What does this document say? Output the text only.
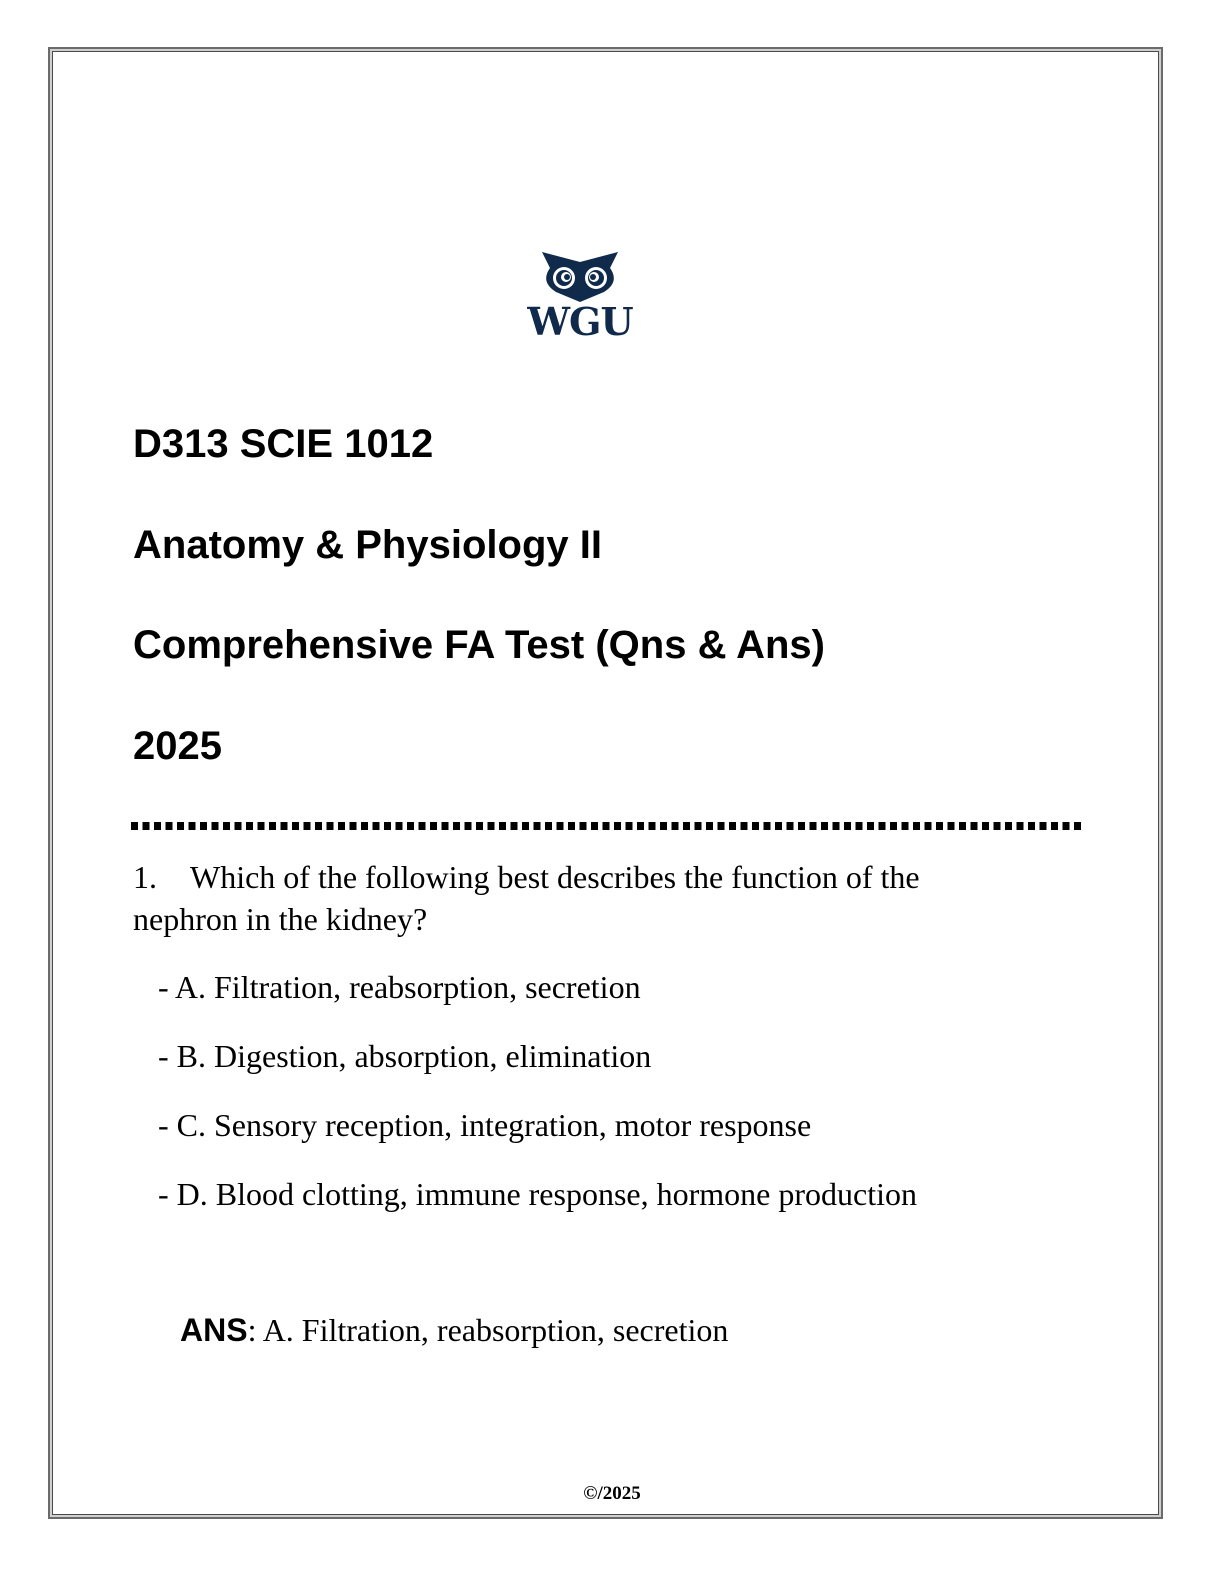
WGU
D313 SCIE 1012
Anatomy & Physiology II
Comprehensive FA Test (Qns & Ans)
2025
1. Which of the following best describes the function of the
nephron in the kidney?
- A. Filtration, reabsorption, secretion
- B. Digestion, absorption, elimination
- C. Sensory reception, integration, motor response
- D. Blood clotting, immune response, hormone production
ANS: A. Filtration, reabsorption, secretion
©/2025
